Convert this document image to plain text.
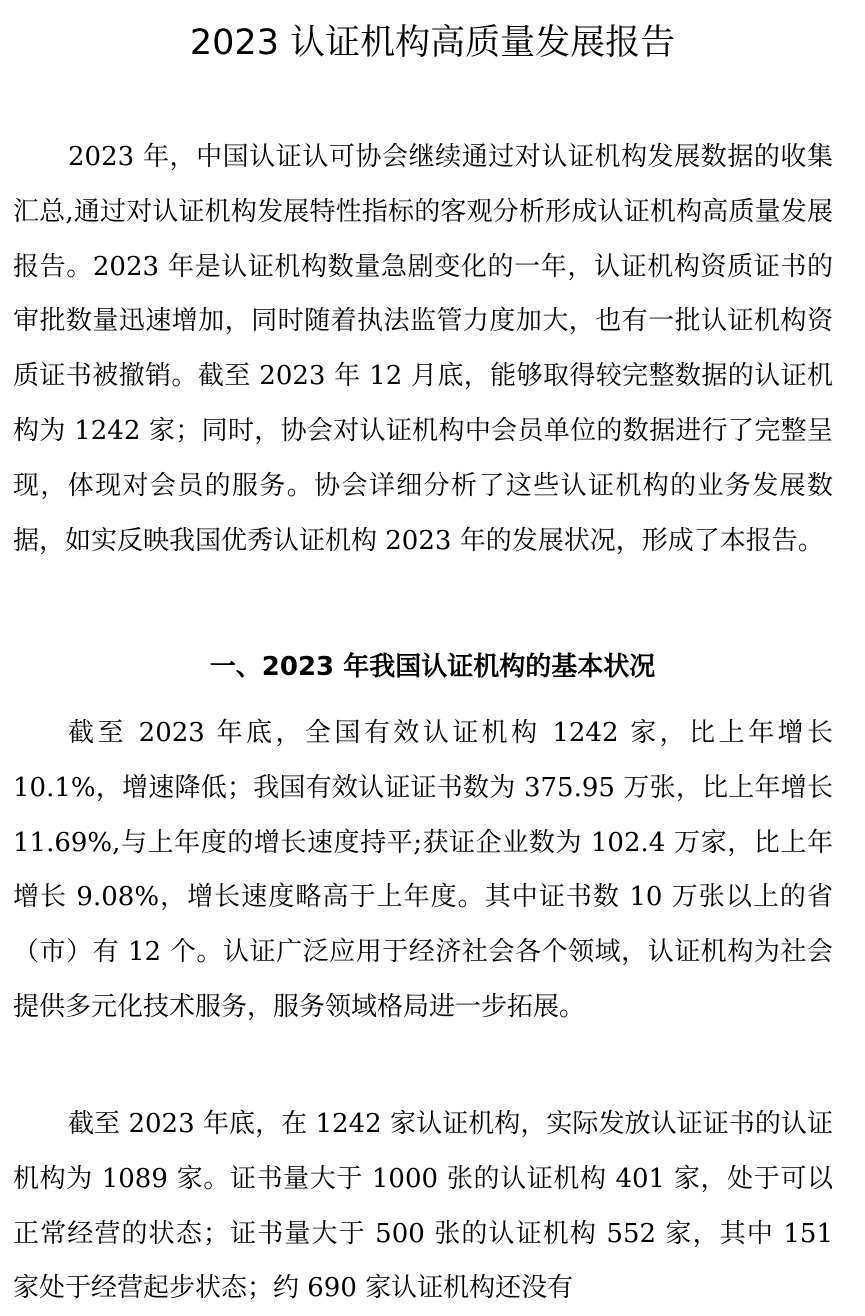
2023 认证机构高质量发展报告

2023 年，中国认证认可协会继续通过对认证机构发展数据的收集汇总,通过对认证机构发展特性指标的客观分析形成认证机构高质量发展报告。2023 年是认证机构数量急剧变化的一年，认证机构资质证书的审批数量迅速增加，同时随着执法监管力度加大，也有一批认证机构资质证书被撤销。截至 2023 年 12 月底，能够取得较完整数据的认证机构为 1242 家；同时，协会对认证机构中会员单位的数据进行了完整呈现，体现对会员的服务。协会详细分析了这些认证机构的业务发展数据，如实反映我国优秀认证机构 2023 年的发展状况，形成了本报告。

一、2023 年我国认证机构的基本状况

截至 2023 年底，全国有效认证机构 1242 家，比上年增长 10.1%，增速降低；我国有效认证证书数为 375.95 万张，比上年增长 11.69%,与上年度的增长速度持平;获证企业数为 102.4 万家，比上年增长 9.08%，增长速度略高于上年度。其中证书数 10 万张以上的省（市）有 12 个。认证广泛应用于经济社会各个领域，认证机构为社会提供多元化技术服务，服务领域格局进一步拓展。

截至 2023 年底，在 1242 家认证机构，实际发放认证证书的认证机构为 1089 家。证书量大于 1000 张的认证机构 401 家，处于可以正常经营的状态；证书量大于 500 张的认证机构 552 家，其中 151 家处于经营起步状态；约 690 家认证机构还没有
